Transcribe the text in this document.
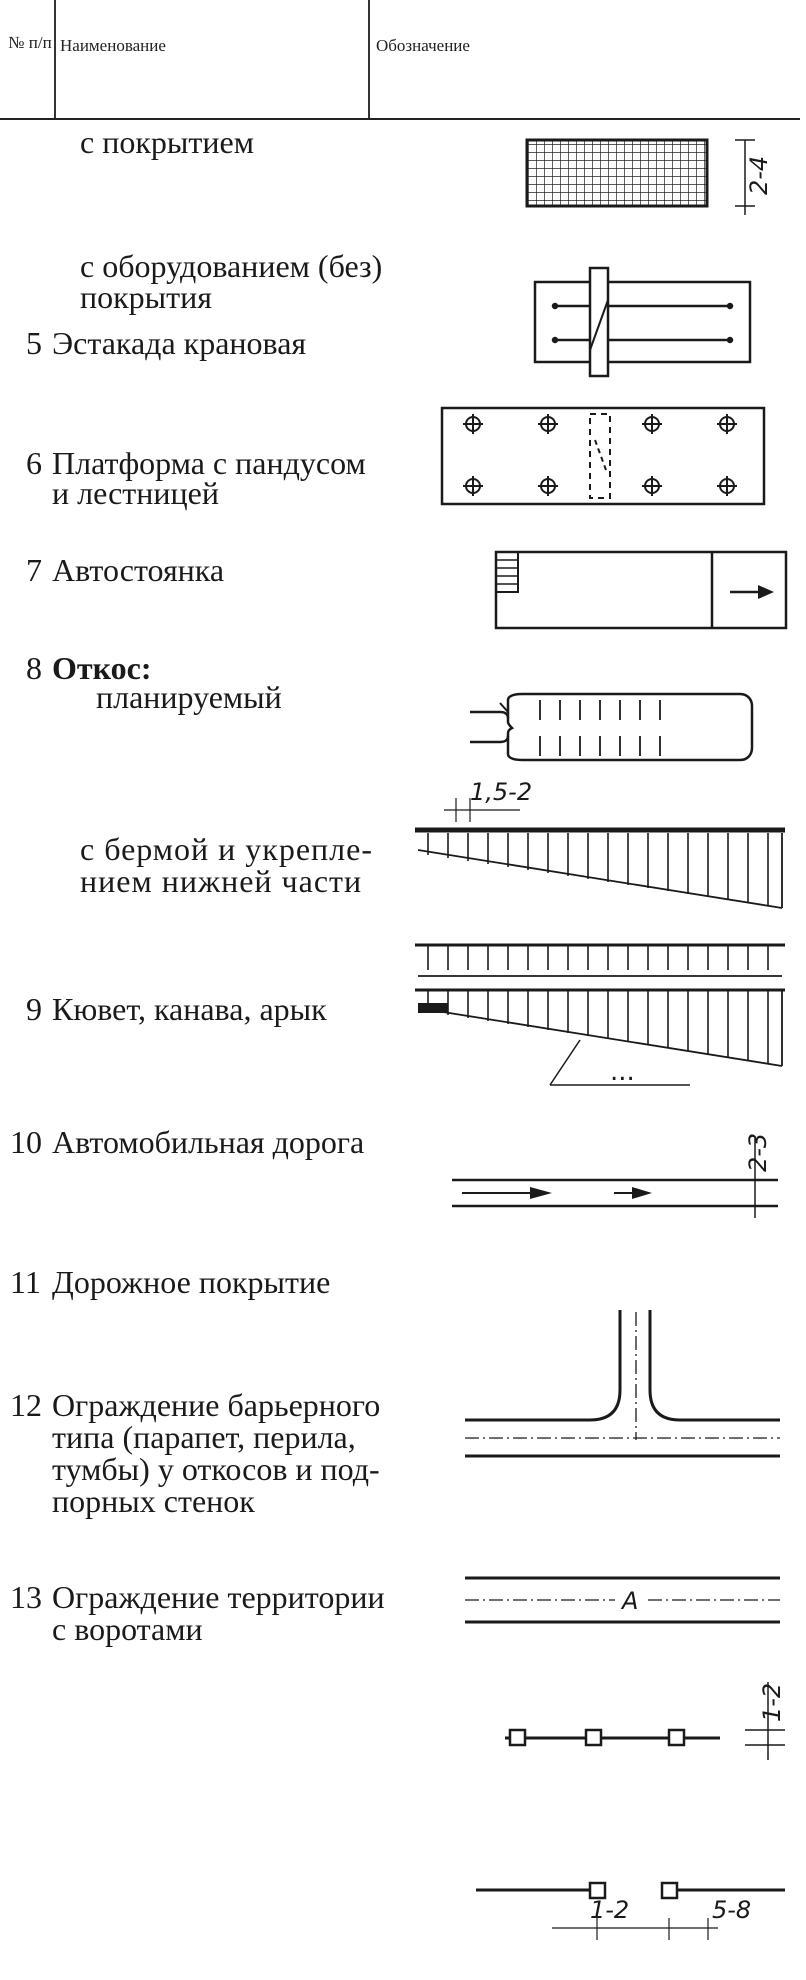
№ п/п Наименование	Обозначение
с покрытием
с оборудованием (без)
покрытия
5 Эстакада крановая
6 Платформа с пандусом
и лестницей
7 Автостоянка
8 Откос:
планируемый
с бермой и укрепле-
нием нижней части
9 Кювет, канава, арык
10 Автомобильная дорога
11 Дорожное покрытие
12 Ограждение барьерного
типа (парапет, перила,
тумбы) у откосов и под-
порных стенок
13 Ограждение территории
с воротами
2-4
1,5-2
...
2-3
A
1-2
1-2	5-8
